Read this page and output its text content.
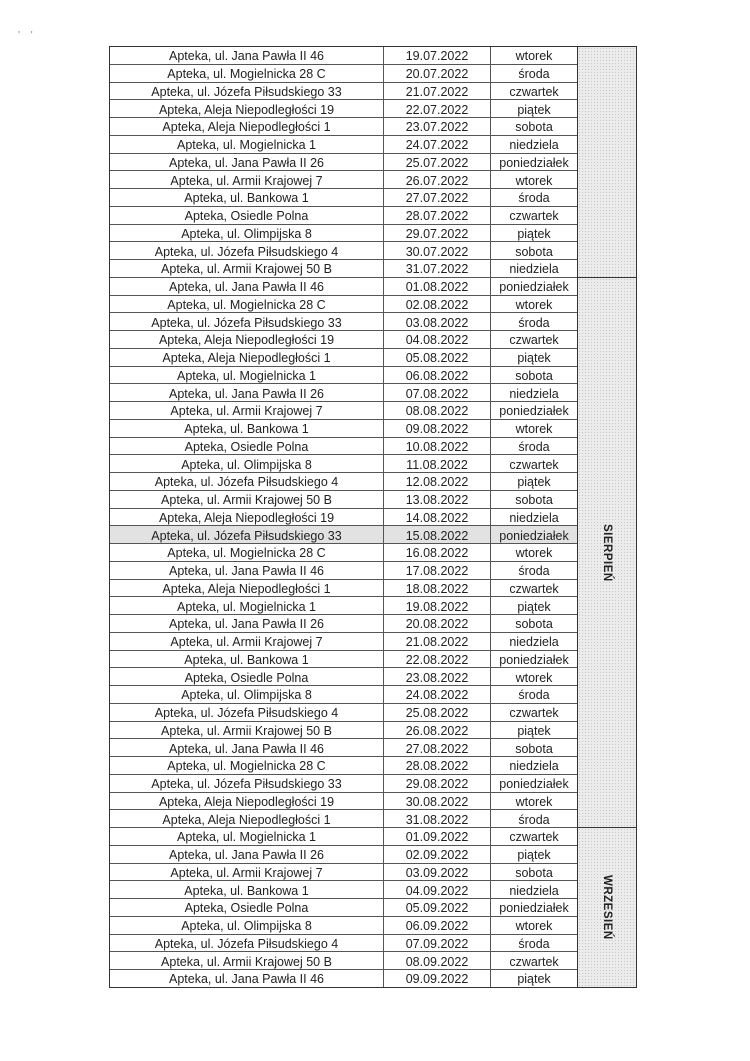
' '
Apteka, ul. Jana Pawła II 46	19.07.2022	wtorek
Apteka, ul. Mogielnicka 28 C	20.07.2022	środa
Apteka, ul. Józefa Piłsudskiego 33	21.07.2022	czwartek
Apteka, Aleja Niepodległości 19	22.07.2022	piątek
Apteka, Aleja Niepodległości 1	23.07.2022	sobota
Apteka, ul. Mogielnicka 1	24.07.2022	niedziela
Apteka, ul. Jana Pawła II 26	25.07.2022	poniedziałek
Apteka, ul. Armii Krajowej 7	26.07.2022	wtorek
Apteka, ul. Bankowa 1	27.07.2022	środa
Apteka, Osiedle Polna	28.07.2022	czwartek
Apteka, ul. Olimpijska 8	29.07.2022	piątek
Apteka, ul. Józefa Piłsudskiego 4	30.07.2022	sobota
Apteka, ul. Armii Krajowej 50 B	31.07.2022	niedziela
Apteka, ul. Jana Pawła II 46	01.08.2022	poniedziałek
Apteka, ul. Mogielnicka 28 C	02.08.2022	wtorek
Apteka, ul. Józefa Piłsudskiego 33	03.08.2022	środa
Apteka, Aleja Niepodległości 19	04.08.2022	czwartek
Apteka, Aleja Niepodległości 1	05.08.2022	piątek
Apteka, ul. Mogielnicka 1	06.08.2022	sobota
Apteka, ul. Jana Pawła II 26	07.08.2022	niedziela
Apteka, ul. Armii Krajowej 7	08.08.2022	poniedziałek
Apteka, ul. Bankowa 1	09.08.2022	wtorek
Apteka, Osiedle Polna	10.08.2022	środa
Apteka, ul. Olimpijska 8	11.08.2022	czwartek
Apteka, ul. Józefa Piłsudskiego 4	12.08.2022	piątek
Apteka, ul. Armii Krajowej 50 B	13.08.2022	sobota
Apteka, Aleja Niepodległości 19	14.08.2022	niedziela
Apteka, ul. Józefa Piłsudskiego 33	15.08.2022	poniedziałek
Apteka, ul. Mogielnicka 28 C	16.08.2022	wtorek
Apteka, ul. Jana Pawła II 46	17.08.2022	środa
Apteka, Aleja Niepodległości 1	18.08.2022	czwartek
Apteka, ul. Mogielnicka 1	19.08.2022	piątek
Apteka, ul. Jana Pawła II 26	20.08.2022	sobota
Apteka, ul. Armii Krajowej 7	21.08.2022	niedziela
Apteka, ul. Bankowa 1	22.08.2022	poniedziałek
Apteka, Osiedle Polna	23.08.2022	wtorek
Apteka, ul. Olimpijska 8	24.08.2022	środa
Apteka, ul. Józefa Piłsudskiego 4	25.08.2022	czwartek
Apteka, ul. Armii Krajowej 50 B	26.08.2022	piątek
Apteka, ul. Jana Pawła II 46	27.08.2022	sobota
Apteka, ul. Mogielnicka 28 C	28.08.2022	niedziela
Apteka, ul. Józefa Piłsudskiego 33	29.08.2022	poniedziałek
Apteka, Aleja Niepodległości 19	30.08.2022	wtorek
Apteka, Aleja Niepodległości 1	31.08.2022	środa
Apteka, ul. Mogielnicka 1	01.09.2022	czwartek
Apteka, ul. Jana Pawła II 26	02.09.2022	piątek
Apteka, ul. Armii Krajowej 7	03.09.2022	sobota
Apteka, ul. Bankowa 1	04.09.2022	niedziela
Apteka, Osiedle Polna	05.09.2022	poniedziałek
Apteka, ul. Olimpijska 8	06.09.2022	wtorek
Apteka, ul. Józefa Piłsudskiego 4	07.09.2022	środa
Apteka, ul. Armii Krajowej 50 B	08.09.2022	czwartek
Apteka, ul. Jana Pawła II 46	09.09.2022	piątek
SIERPIEŃ
WRZESIEŃ
